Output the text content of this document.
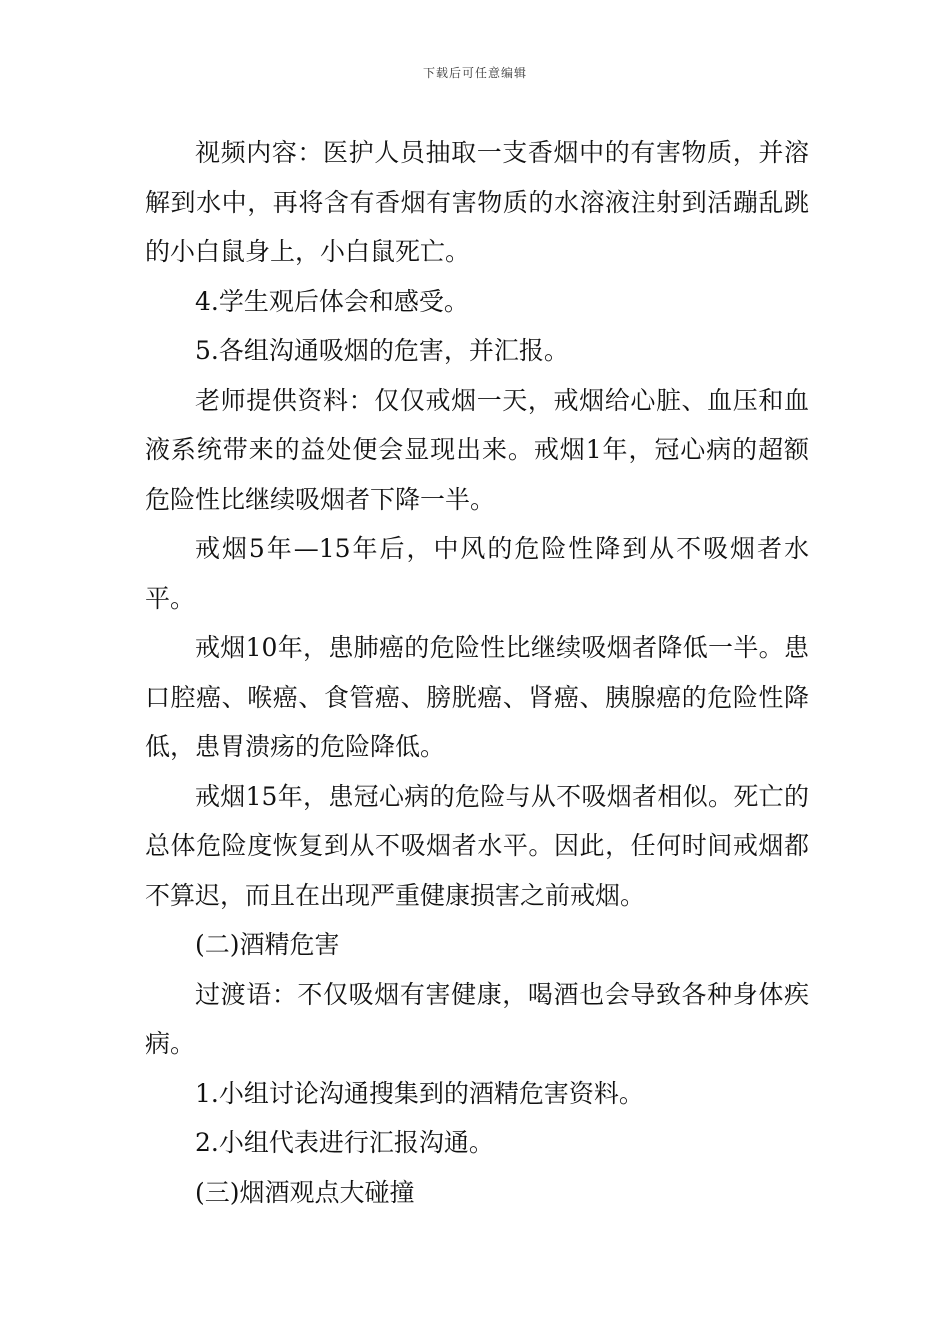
下载后可任意编辑

视频内容：医护人员抽取一支香烟中的有害物质，并溶解到水中，再将含有香烟有害物质的水溶液注射到活蹦乱跳的小白鼠身上，小白鼠死亡。

4.学生观后体会和感受。

5.各组沟通吸烟的危害，并汇报。

老师提供资料：仅仅戒烟一天，戒烟给心脏、血压和血液系统带来的益处便会显现出来。戒烟1年，冠心病的超额危险性比继续吸烟者下降一半。

戒烟5年—15年后，中风的危险性降到从不吸烟者水平。

戒烟10年，患肺癌的危险性比继续吸烟者降低一半。患口腔癌、喉癌、食管癌、膀胱癌、肾癌、胰腺癌的危险性降低，患胃溃疡的危险降低。

戒烟15年，患冠心病的危险与从不吸烟者相似。死亡的总体危险度恢复到从不吸烟者水平。因此，任何时间戒烟都不算迟，而且在出现严重健康损害之前戒烟。

(二)酒精危害

过渡语：不仅吸烟有害健康，喝酒也会导致各种身体疾病。

1.小组讨论沟通搜集到的酒精危害资料。

2.小组代表进行汇报沟通。

(三)烟酒观点大碰撞
